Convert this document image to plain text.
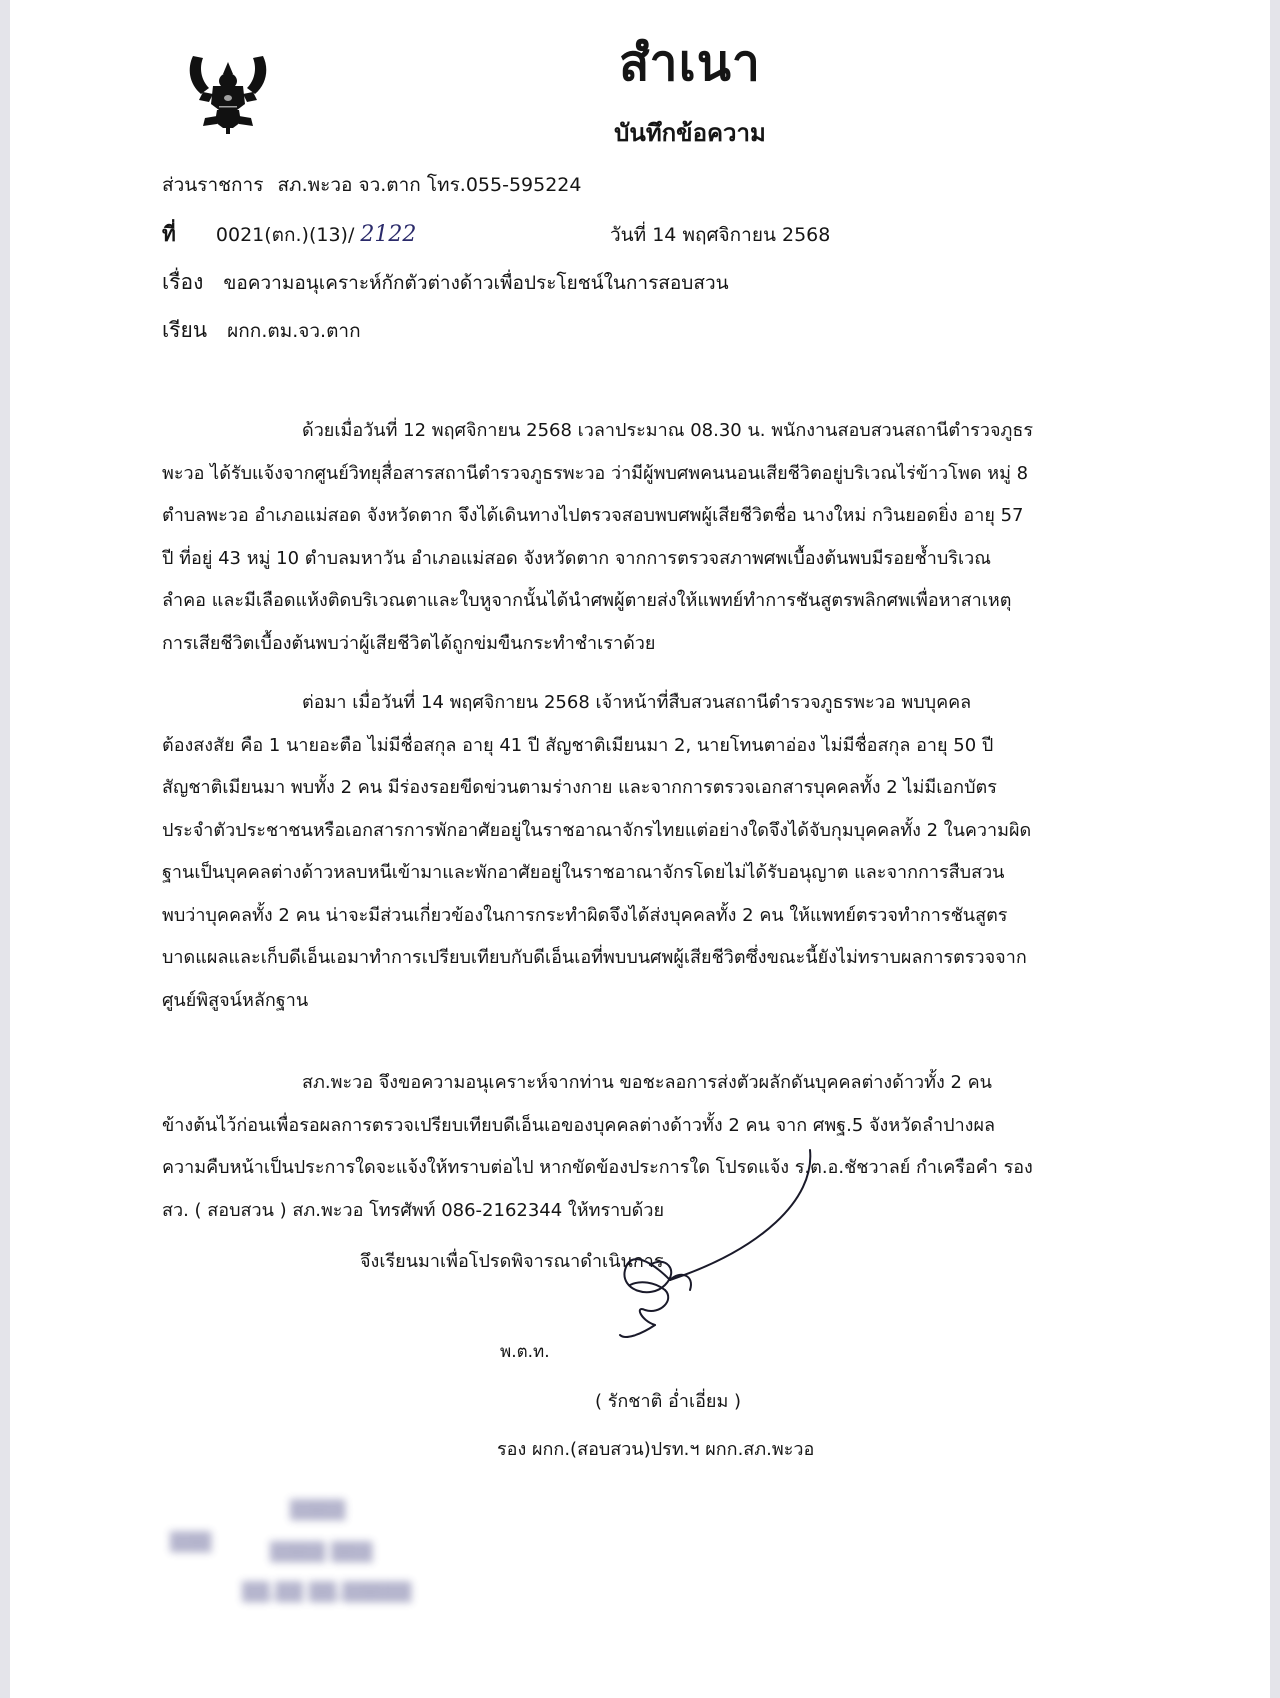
สำเนา
บันทึกข้อความ
ส่วนราชการ สภ.พะวอ จว.ตาก โทร.055-595224
ที่ 0021(ตก.)(13)/ 2122	วันที่ 14 พฤศจิกายน 2568
เรื่อง ขอความอนุเคราะห์กักตัวต่างด้าวเพื่อประโยชน์ในการสอบสวน
เรียน ผกก.ตม.จว.ตาก
ด้วยเมื่อวันที่ 12 พฤศจิกายน 2568 เวลาประมาณ 08.30 น. พนักงานสอบสวนสถานีตำรวจภูธร
พะวอ ได้รับแจ้งจากศูนย์วิทยุสื่อสารสถานีตำรวจภูธรพะวอ ว่ามีผู้พบศพคนนอนเสียชีวิตอยู่บริเวณไร่ข้าวโพด หมู่ 8
ตำบลพะวอ อำเภอแม่สอด จังหวัดตาก จึงได้เดินทางไปตรวจสอบพบศพผู้เสียชีวิตชื่อ นางใหม่ กวินยอดยิ่ง อายุ 57
ปี ที่อยู่ 43 หมู่ 10 ตำบลมหาวัน อำเภอแม่สอด จังหวัดตาก จากการตรวจสภาพศพเบื้องต้นพบมีรอยช้ำบริเวณ
ลำคอ และมีเลือดแห้งติดบริเวณตาและใบหูจากนั้นได้นำศพผู้ตายส่งให้แพทย์ทำการชันสูตรพลิกศพเพื่อหาสาเหตุ
การเสียชีวิตเบื้องต้นพบว่าผู้เสียชีวิตได้ถูกข่มขืนกระทำชำเราด้วย
ต่อมา เมื่อวันที่ 14 พฤศจิกายน 2568 เจ้าหน้าที่สืบสวนสถานีตำรวจภูธรพะวอ พบบุคคล
ต้องสงสัย คือ 1 นายอะตือ ไม่มีชื่อสกุล อายุ 41 ปี สัญชาติเมียนมา 2, นายโทนตาอ่อง ไม่มีชื่อสกุล อายุ 50 ปี
สัญชาติเมียนมา พบทั้ง 2 คน มีร่องรอยขีดข่วนตามร่างกาย และจากการตรวจเอกสารบุคคลทั้ง 2 ไม่มีเอกบัตร
ประจำตัวประชาชนหรือเอกสารการพักอาศัยอยู่ในราชอาณาจักรไทยแต่อย่างใดจึงได้จับกุมบุคคลทั้ง 2 ในความผิด
ฐานเป็นบุคคลต่างด้าวหลบหนีเข้ามาและพักอาศัยอยู่ในราชอาณาจักรโดยไม่ได้รับอนุญาต และจากการสืบสวน
พบว่าบุคคลทั้ง 2 คน น่าจะมีส่วนเกี่ยวข้องในการกระทำผิดจึงได้ส่งบุคคลทั้ง 2 คน ให้แพทย์ตรวจทำการชันสูตร
บาดแผลและเก็บดีเอ็นเอมาทำการเปรียบเทียบกับดีเอ็นเอที่พบบนศพผู้เสียชีวิตซึ่งขณะนี้ยังไม่ทราบผลการตรวจจาก
ศูนย์พิสูจน์หลักฐาน
สภ.พะวอ จึงขอความอนุเคราะห์จากท่าน ขอชะลอการส่งตัวผลักดันบุคคลต่างด้าวทั้ง 2 คน
ข้างต้นไว้ก่อนเพื่อรอผลการตรวจเปรียบเทียบดีเอ็นเอของบุคคลต่างด้าวทั้ง 2 คน จาก ศพฐ.5 จังหวัดลำปางผล
ความคืบหน้าเป็นประการใดจะแจ้งให้ทราบต่อไป หากขัดข้องประการใด โปรดแจ้ง ร.ต.อ.ชัชวาลย์ กำเครือคำ รอง
สว. ( สอบสวน ) สภ.พะวอ โทรศัพท์ 086-2162344 ให้ทราบด้วย
จึงเรียนมาเพื่อโปรดพิจารณาดำเนินการ
พ.ต.ท.
( รักชาติ อ่ำเอี่ยม )
รอง ผกก.(สอบสวน)ปรท.ฯ ผกก.สภ.พะวอ
▒▒▒
▒▒▒▒
▒▒▒▒ ▒▒▒
▒▒.▒▒ ▒▒.▒▒▒▒▒
